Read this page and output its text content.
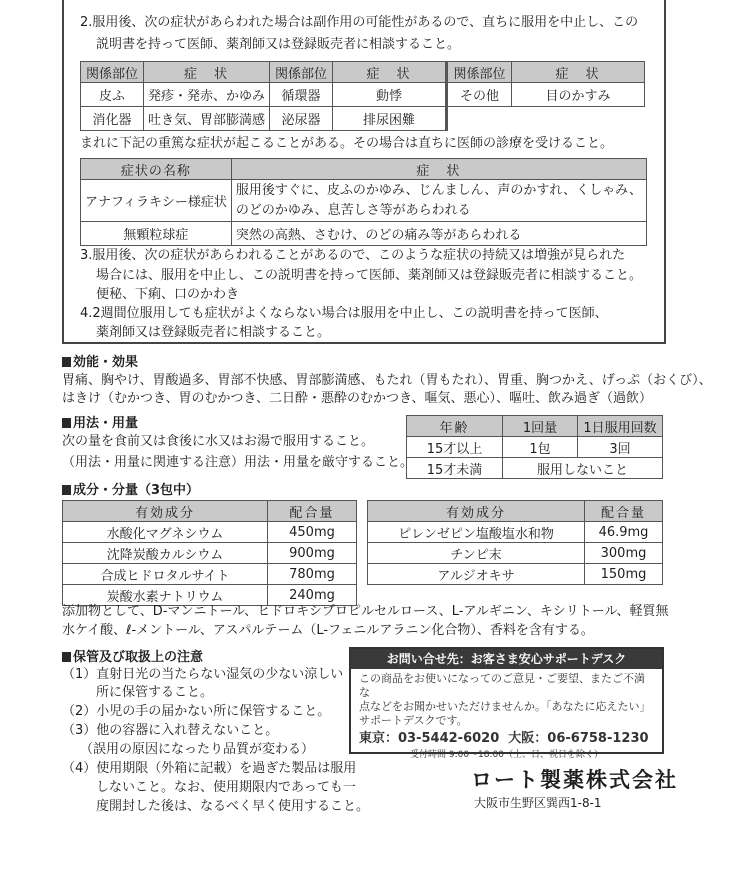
2.服用後、次の症状があらわれた場合は副作用の可能性があるので、直ちに服用を中止し、この
説明書を持って医師、薬剤師又は登録販売者に相談すること。
関係部位	症　状	関係部位	症　状	関係部位	症　状
皮ふ	発疹・発赤、かゆみ	循環器	動悸	その他	目のかすみ
消化器	吐き気、胃部膨満感	泌尿器	排尿困難		
まれに下記の重篤な症状が起こることがある。その場合は直ちに医師の診療を受けること。
症状の名称	症　状
アナフィラキシー様症状	服用後すぐに、皮ふのかゆみ、じんましん、声のかすれ、くしゃみ、
のどのかゆみ、息苦しさ等があらわれる

無顆粒球症	突然の高熱、さむけ、のどの痛み等があらわれる
3.服用後、次の症状があらわれることがあるので、このような症状の持続又は増強が見られた
場合には、服用を中止し、この説明書を持って医師、薬剤師又は登録販売者に相談すること。
便秘、下痢、口のかわき
4.2週間位服用しても症状がよくならない場合は服用を中止し、この説明書を持って医師、
薬剤師又は登録販売者に相談すること。
効能・効果
胃痛、胸やけ、胃酸過多、胃部不快感、胃部膨満感、もたれ（胃もたれ）、胃重、胸つかえ、げっぷ（おくび）、
はきけ（むかつき、胃のむかつき、二日酔・悪酔のむかつき、嘔気、悪心）、嘔吐、飲み過ぎ（過飲）
用法・用量
次の量を食前又は食後に水又はお湯で服用すること。
（用法・用量に関連する注意）用法・用量を厳守すること。
年齢	1回量	1日服用回数
15才以上	1包	3回
15才未満	服用しないこと	
成分・分量（3包中）
有効成分	配合量
水酸化マグネシウム	450mg
沈降炭酸カルシウム	900mg
合成ヒドロタルサイト	780mg
炭酸水素ナトリウム	240mg
有効成分	配合量
ピレンゼピン塩酸塩水和物	46.9mg
チンピ末	300mg
アルジオキサ	150mg
添加物として、D-マンニトール、ヒドロキシプロピルセルロース、L-アルギニン、キシリトール、軽質無
水ケイ酸、ℓ-メントール、アスパルテーム（L-フェニルアラニン化合物）、香料を含有する。
保管及び取扱上の注意
（1）直射日光の当たらない湿気の少ない涼しい
所に保管すること。
（2）小児の手の届かない所に保管すること。
（3）他の容器に入れ替えないこと。
（誤用の原因になったり品質が変わる）
（4）使用期限（外箱に記載）を過ぎた製品は服用
しないこと。なお、使用期限内であっても一
度開封した後は、なるべく早く使用すること。
お問い合せ先：お客さま安心サポートデスク
この商品をお使いになってのご意見・ご要望、またご不満な
点などをお聞かせいただけませんか。「あなたに応えたい」
サポートデスクです。
東京：03-5442-6020  大阪：06-6758-1230
受付時間 9:00～18:00（土、日、祝日を除く）
ロート製薬株式会社
大阪市生野区巽西1-8-1
